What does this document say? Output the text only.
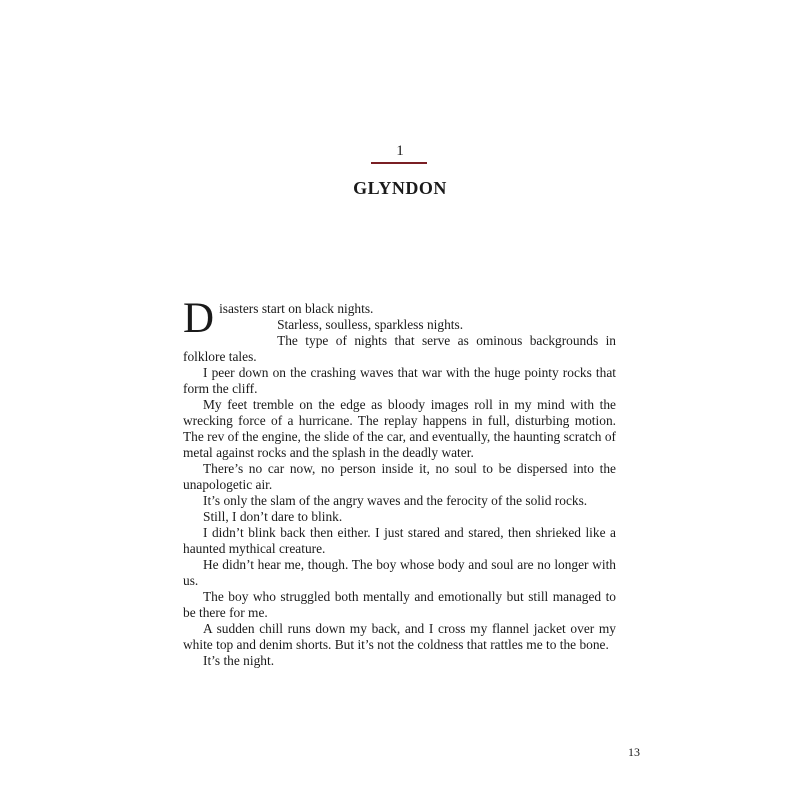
1
GLYNDON

Disasters start on black nights.

Starless, soulless, sparkless nights.

The type of nights that serve as ominous backgrounds in folklore tales.

I peer down on the crashing waves that war with the huge pointy rocks that form the cliff.

My feet tremble on the edge as bloody images roll in my mind with the wrecking force of a hurricane. The replay happens in full, disturbing motion. The rev of the engine, the slide of the car, and eventually, the haunting scratch of metal against rocks and the splash in the deadly water.

There’s no car now, no person inside it, no soul to be dispersed into the unapologetic air.

It’s only the slam of the angry waves and the ferocity of the solid rocks.

Still, I don’t dare to blink.

I didn’t blink back then either. I just stared and stared, then shrieked like a haunted mythical creature.

He didn’t hear me, though. The boy whose body and soul are no longer with us.

The boy who struggled both mentally and emotionally but still managed to be there for me.

A sudden chill runs down my back, and I cross my flannel jacket over my white top and denim shorts. But it’s not the coldness that rattles me to the bone.

It’s the night.

13
